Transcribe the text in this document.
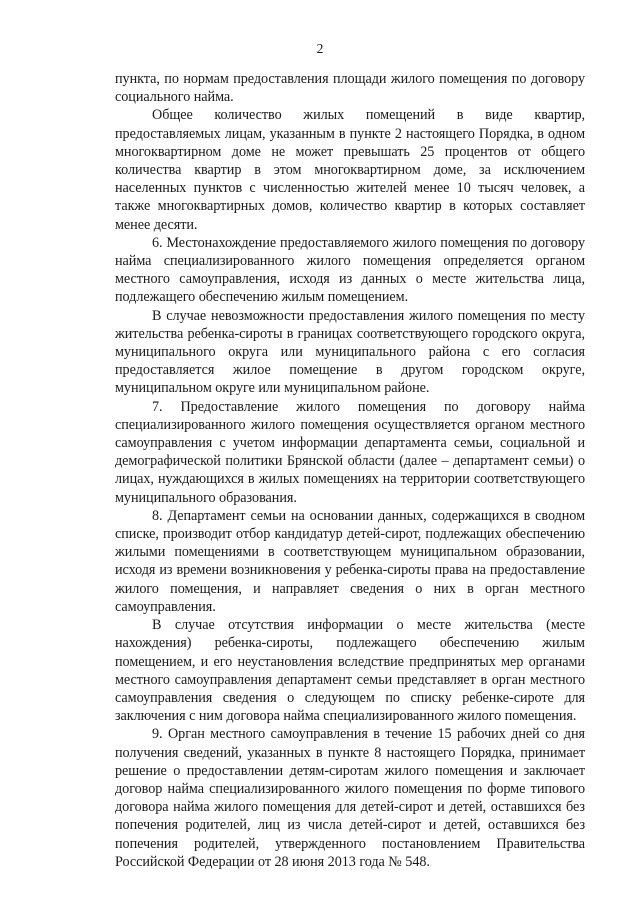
2

пункта, по нормам предоставления площади жилого помещения по договору социального найма.

Общее количество жилых помещений в виде квартир, предоставляемых лицам, указанным в пункте 2 настоящего Порядка, в одном многоквартирном доме не может превышать 25 процентов от общего количества квартир в этом многоквартирном доме, за исключением населенных пунктов с численностью жителей менее 10 тысяч человек, а также многоквартирных домов, количество квартир в которых составляет менее десяти.

6. Местонахождение предоставляемого жилого помещения по договору найма специализированного жилого помещения определяется органом местного самоуправления, исходя из данных о месте жительства лица, подлежащего обеспечению жилым помещением.

В случае невозможности предоставления жилого помещения по месту жительства ребенка-сироты в границах соответствующего городского округа, муниципального округа или муниципального района с его согласия предоставляется жилое помещение в другом городском округе, муниципальном округе или муниципальном районе.

7. Предоставление жилого помещения по договору найма специализированного жилого помещения осуществляется органом местного самоуправления с учетом информации департамента семьи, социальной и демографической политики Брянской области (далее – департамент семьи) о лицах, нуждающихся в жилых помещениях на территории соответствующего муниципального образования.

8. Департамент семьи на основании данных, содержащихся в сводном списке, производит отбор кандидатур детей-сирот, подлежащих обеспечению жилыми помещениями в соответствующем муниципальном образовании, исходя из времени возникновения у ребенка-сироты права на предоставление жилого помещения, и направляет сведения о них в орган местного самоуправления.

В случае отсутствия информации о месте жительства (месте нахождения) ребенка-сироты, подлежащего обеспечению жилым помещением, и его неустановления вследствие предпринятых мер органами местного самоуправления департамент семьи представляет в орган местного самоуправления сведения о следующем по списку ребенке-сироте для заключения с ним договора найма специализированного жилого помещения.

9. Орган местного самоуправления в течение 15 рабочих дней со дня получения сведений, указанных в пункте 8 настоящего Порядка, принимает решение о предоставлении детям-сиротам жилого помещения и заключает договор найма специализированного жилого помещения по форме типового договора найма жилого помещения для детей-сирот и детей, оставшихся без попечения родителей, лиц из числа детей-сирот и детей, оставшихся без попечения родителей, утвержденного постановлением Правительства Российской Федерации от 28 июня 2013 года № 548.
